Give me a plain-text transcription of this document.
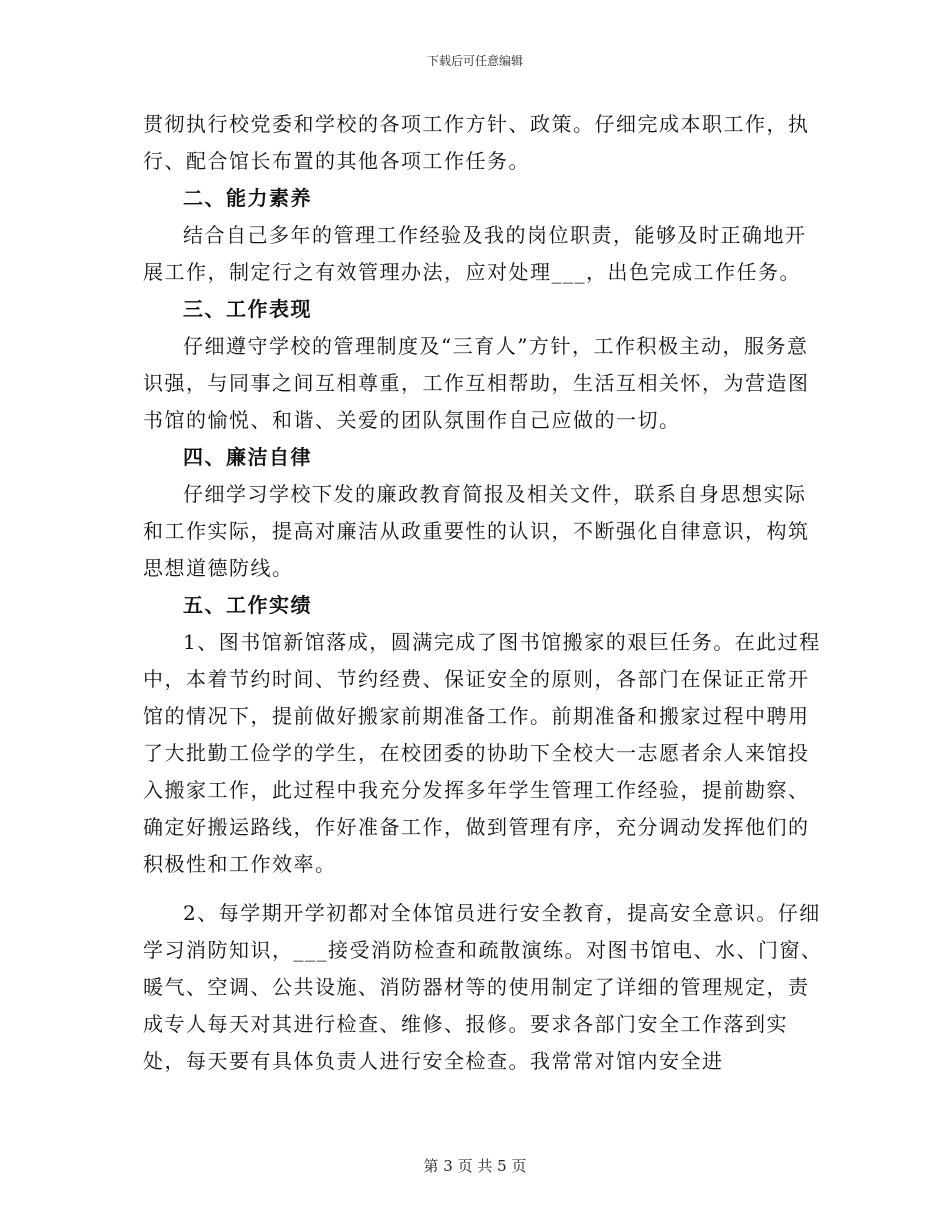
下载后可任意编辑

贯彻执行校党委和学校的各项工作方针、政策。仔细完成本职工作，执行、配合馆长布置的其他各项工作任务。

二、能力素养

结合自己多年的管理工作经验及我的岗位职责，能够及时正确地开展工作，制定行之有效管理办法，应对处理___，出色完成工作任务。

三、工作表现

仔细遵守学校的管理制度及“三育人”方针，工作积极主动，服务意识强，与同事之间互相尊重，工作互相帮助，生活互相关怀，为营造图书馆的愉悦、和谐、关爱的团队氛围作自己应做的一切。

四、廉洁自律

仔细学习学校下发的廉政教育简报及相关文件，联系自身思想实际和工作实际，提高对廉洁从政重要性的认识，不断强化自律意识，构筑思想道德防线。

五、工作实绩

1、图书馆新馆落成，圆满完成了图书馆搬家的艰巨任务。在此过程中，本着节约时间、节约经费、保证安全的原则，各部门在保证正常开馆的情况下，提前做好搬家前期准备工作。前期准备和搬家过程中聘用了大批勤工俭学的学生，在校团委的协助下全校大一志愿者余人来馆投入搬家工作，此过程中我充分发挥多年学生管理工作经验，提前勘察、确定好搬运路线，作好准备工作，做到管理有序，充分调动发挥他们的积极性和工作效率。

2、每学期开学初都对全体馆员进行安全教育，提高安全意识。仔细学习消防知识，___接受消防检查和疏散演练。对图书馆电、水、门窗、暖气、空调、公共设施、消防器材等的使用制定了详细的管理规定，责成专人每天对其进行检查、维修、报修。要求各部门安全工作落到实处，每天要有具体负责人进行安全检查。我常常对馆内安全进

第 3 页 共 5 页
